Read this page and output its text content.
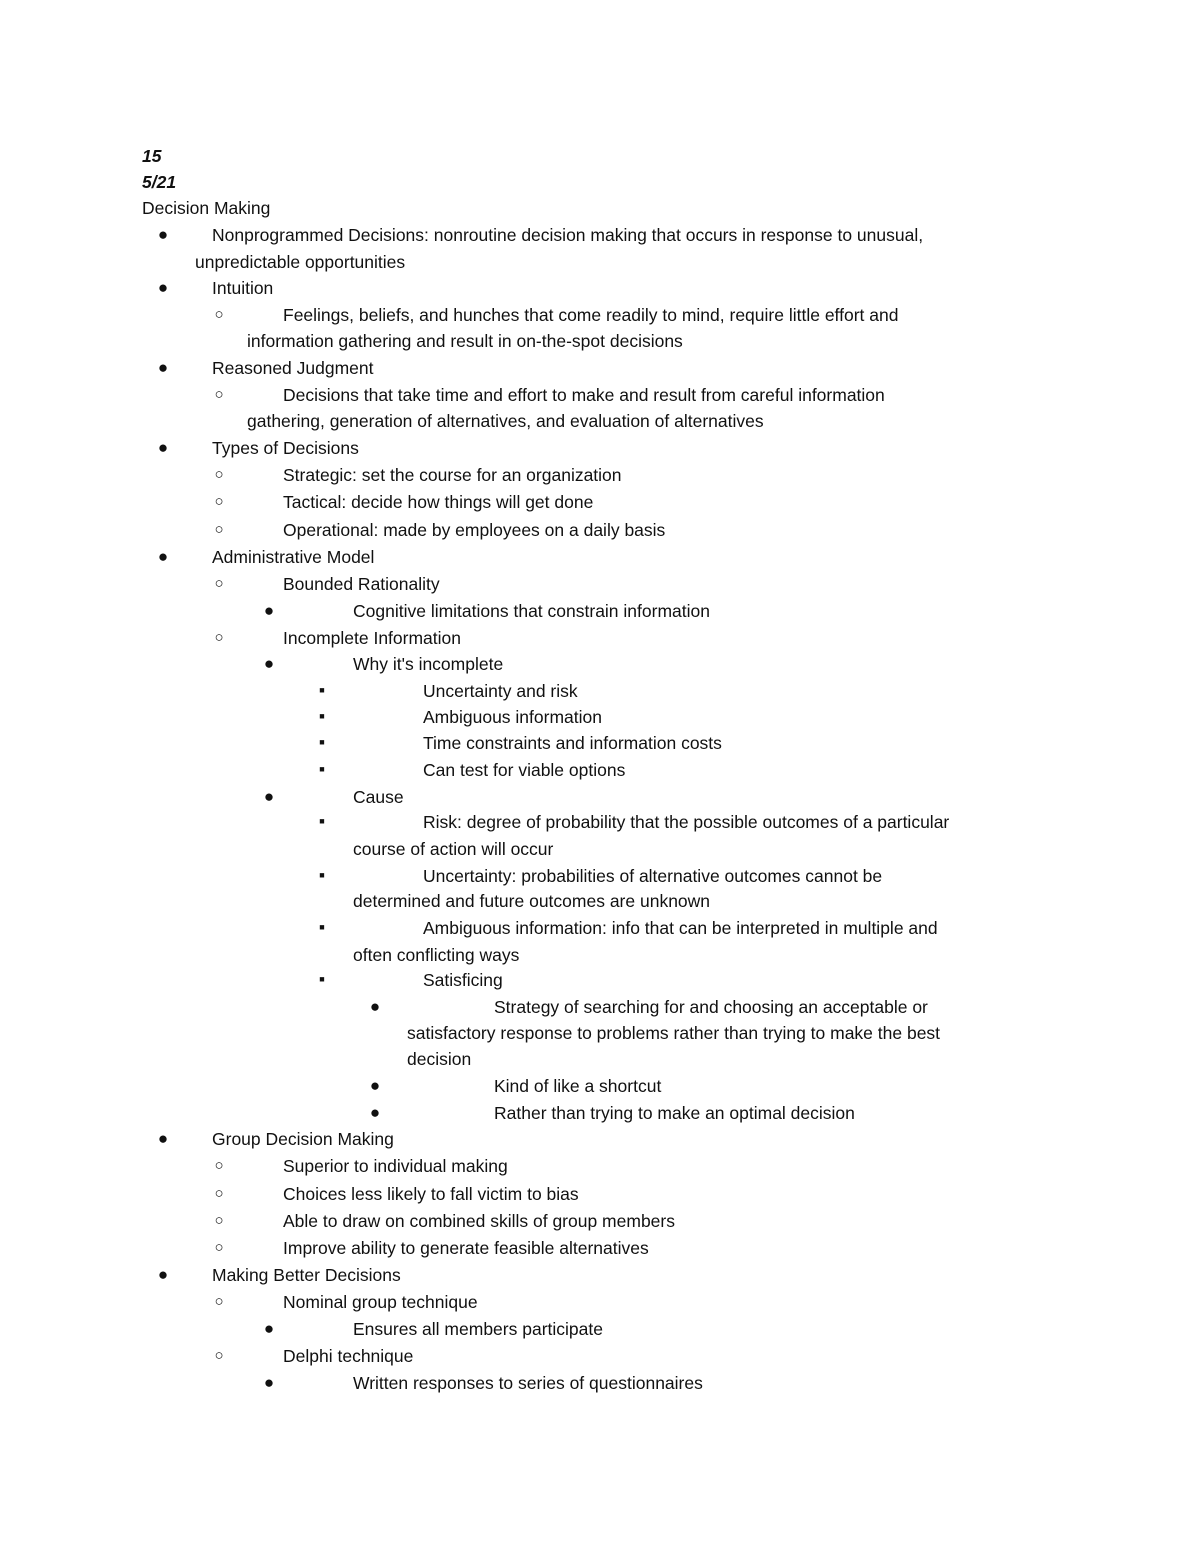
15
5/21
Decision Making
●	Nonprogrammed Decisions: nonroutine decision making that occurs in response to unusual,
unpredictable opportunities
●	Intuition
○	Feelings, beliefs, and hunches that come readily to mind, require little effort and
information gathering and result in on-the-spot decisions
●	Reasoned Judgment
○	Decisions that take time and effort to make and result from careful information
gathering, generation of alternatives, and evaluation of alternatives
●	Types of Decisions
○	Strategic: set the course for an organization
○	Tactical: decide how things will get done
○	Operational: made by employees on a daily basis
●	Administrative Model
○	Bounded Rationality
●	Cognitive limitations that constrain information
○	Incomplete Information
●	Why it's incomplete
■	Uncertainty and risk
■	Ambiguous information
■	Time constraints and information costs
■	Can test for viable options
●	Cause
■	Risk: degree of probability that the possible outcomes of a particular
course of action will occur
■	Uncertainty: probabilities of alternative outcomes cannot be
determined and future outcomes are unknown
■	Ambiguous information: info that can be interpreted in multiple and
often conflicting ways
■	Satisficing
●	Strategy of searching for and choosing an acceptable or
satisfactory response to problems rather than trying to make the best
decision
●	Kind of like a shortcut
●	Rather than trying to make an optimal decision
●	Group Decision Making
○	Superior to individual making
○	Choices less likely to fall victim to bias
○	Able to draw on combined skills of group members
○	Improve ability to generate feasible alternatives
●	Making Better Decisions
○	Nominal group technique
●	Ensures all members participate
○	Delphi technique
●	Written responses to series of questionnaires
